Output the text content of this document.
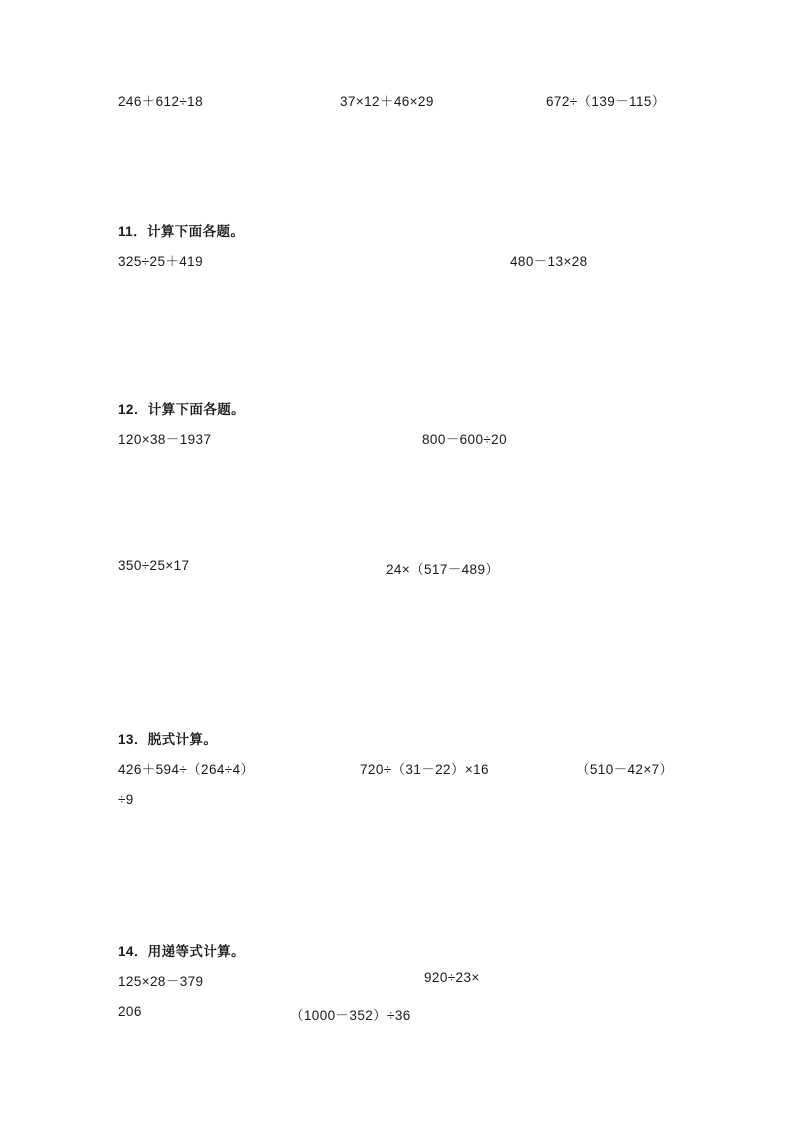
246＋612÷18	37×12＋46×29	672÷（139－115）
11．计算下面各题。
325÷25＋419	480－13×28
12．计算下面各题。
120×38－1937	800－600÷20
350÷25×17	24×（517－489）
13．脱式计算。
426＋594÷（264÷4）	720÷（31－22）×16	（510－42×7）
÷9
14．用递等式计算。
125×28－379	920÷23×
206	（1000－352）÷36
